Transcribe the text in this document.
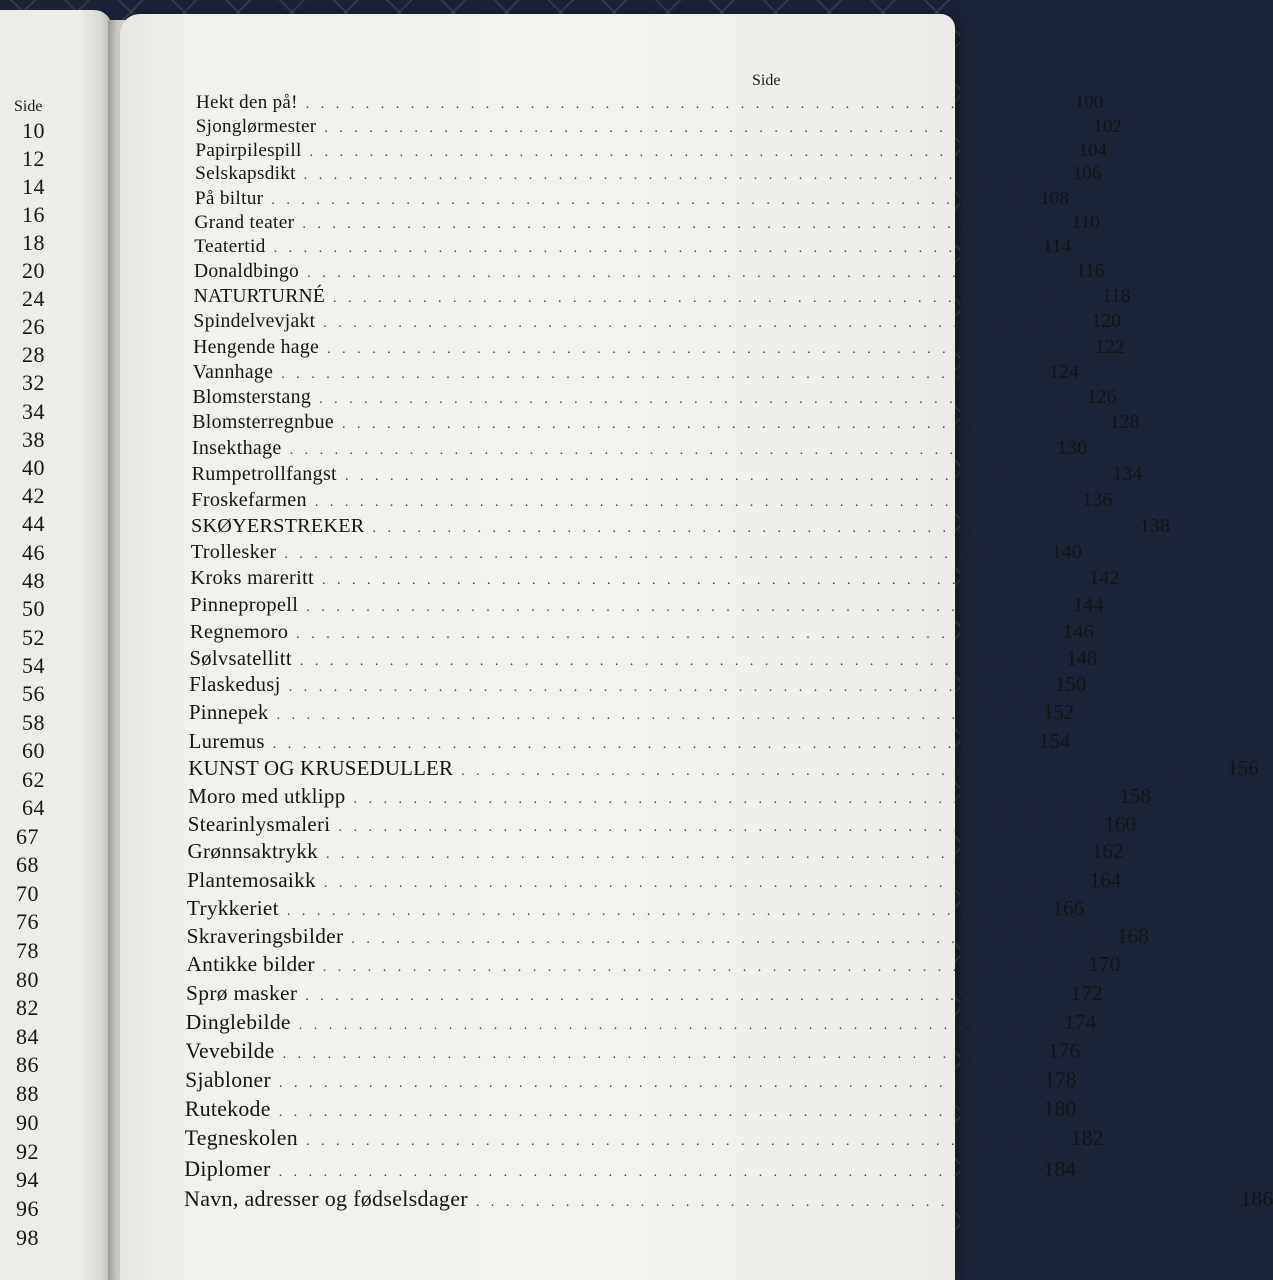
Side
10
12
14
16
18
20
24
26
28
32
34
38
40
42
44
46
48
50
52
54
56
58
60
62
64
67
68
70
76
78
80
82
84
86
88
90
92
94
96
98
Side
Hekt den på! . . . . . . . . . . . . . . . . . . . . . . . . . . . . . . . . . . . . . . . . . . . . . . . . . . . 100
Sjonglørmester . . . . . . . . . . . . . . . . . . . . . . . . . . . . . . . . . . . . . . . . . . . . . . . . . . . 102
Papirpilespill . . . . . . . . . . . . . . . . . . . . . . . . . . . . . . . . . . . . . . . . . . . . . . . . . . . 104
Selskapsdikt . . . . . . . . . . . . . . . . . . . . . . . . . . . . . . . . . . . . . . . . . . . . . . . . . . . 106
På biltur . . . . . . . . . . . . . . . . . . . . . . . . . . . . . . . . . . . . . . . . . . . . . . . . . . . 108
Grand teater . . . . . . . . . . . . . . . . . . . . . . . . . . . . . . . . . . . . . . . . . . . . . . . . . . . 110
Teatertid . . . . . . . . . . . . . . . . . . . . . . . . . . . . . . . . . . . . . . . . . . . . . . . . . . . 114
Donaldbingo . . . . . . . . . . . . . . . . . . . . . . . . . . . . . . . . . . . . . . . . . . . . . . . . . . . 116
NATURTURNÉ . . . . . . . . . . . . . . . . . . . . . . . . . . . . . . . . . . . . . . . . . . . . . . . . . . . 118
Spindelvevjakt . . . . . . . . . . . . . . . . . . . . . . . . . . . . . . . . . . . . . . . . . . . . . . . . . . . 120
Hengende hage . . . . . . . . . . . . . . . . . . . . . . . . . . . . . . . . . . . . . . . . . . . . . . . . . . . 122
Vannhage . . . . . . . . . . . . . . . . . . . . . . . . . . . . . . . . . . . . . . . . . . . . . . . . . . . 124
Blomsterstang . . . . . . . . . . . . . . . . . . . . . . . . . . . . . . . . . . . . . . . . . . . . . . . . . . . 126
Blomsterregnbue . . . . . . . . . . . . . . . . . . . . . . . . . . . . . . . . . . . . . . . . . . . . . . . . . . . 128
Insekthage . . . . . . . . . . . . . . . . . . . . . . . . . . . . . . . . . . . . . . . . . . . . . . . . . . . 130
Rumpetrollfangst . . . . . . . . . . . . . . . . . . . . . . . . . . . . . . . . . . . . . . . . . . . . . . . . . . . 134
Froskefarmen . . . . . . . . . . . . . . . . . . . . . . . . . . . . . . . . . . . . . . . . . . . . . . . . . . . 136
SKØYERSTREKER . . . . . . . . . . . . . . . . . . . . . . . . . . . . . . . . . . . . . . . . . . . . . . . . . . . 138
Trollesker . . . . . . . . . . . . . . . . . . . . . . . . . . . . . . . . . . . . . . . . . . . . . . . . . . . 140
Kroks mareritt . . . . . . . . . . . . . . . . . . . . . . . . . . . . . . . . . . . . . . . . . . . . . . . . . . . 142
Pinnepropell . . . . . . . . . . . . . . . . . . . . . . . . . . . . . . . . . . . . . . . . . . . . . . . . . . . 144
Regnemoro . . . . . . . . . . . . . . . . . . . . . . . . . . . . . . . . . . . . . . . . . . . . . . . . . . . 146
Sølvsatellitt . . . . . . . . . . . . . . . . . . . . . . . . . . . . . . . . . . . . . . . . . . . . . . . . . . . 148
Flaskedusj . . . . . . . . . . . . . . . . . . . . . . . . . . . . . . . . . . . . . . . . . . . . . . . . . . . 150
Pinnepek . . . . . . . . . . . . . . . . . . . . . . . . . . . . . . . . . . . . . . . . . . . . . . . . . . . 152
Luremus . . . . . . . . . . . . . . . . . . . . . . . . . . . . . . . . . . . . . . . . . . . . . . . . . . . 154
KUNST OG KRUSEDULLER . . . . . . . . . . . . . . . . . . . . . . . . . . . . . . . . . . . . . . . . . . . . . . . . . . . 156
Moro med utklipp . . . . . . . . . . . . . . . . . . . . . . . . . . . . . . . . . . . . . . . . . . . . . . . . . . . 158
Stearinlysmaleri . . . . . . . . . . . . . . . . . . . . . . . . . . . . . . . . . . . . . . . . . . . . . . . . . . . 160
Grønnsaktrykk . . . . . . . . . . . . . . . . . . . . . . . . . . . . . . . . . . . . . . . . . . . . . . . . . . . 162
Plantemosaikk . . . . . . . . . . . . . . . . . . . . . . . . . . . . . . . . . . . . . . . . . . . . . . . . . . . 164
Trykkeriet . . . . . . . . . . . . . . . . . . . . . . . . . . . . . . . . . . . . . . . . . . . . . . . . . . . 166
Skraveringsbilder . . . . . . . . . . . . . . . . . . . . . . . . . . . . . . . . . . . . . . . . . . . . . . . . . . . 168
Antikke bilder . . . . . . . . . . . . . . . . . . . . . . . . . . . . . . . . . . . . . . . . . . . . . . . . . . . 170
Sprø masker . . . . . . . . . . . . . . . . . . . . . . . . . . . . . . . . . . . . . . . . . . . . . . . . . . . 172
Dinglebilde . . . . . . . . . . . . . . . . . . . . . . . . . . . . . . . . . . . . . . . . . . . . . . . . . . . 174
Vevebilde . . . . . . . . . . . . . . . . . . . . . . . . . . . . . . . . . . . . . . . . . . . . . . . . . . . 176
Sjabloner . . . . . . . . . . . . . . . . . . . . . . . . . . . . . . . . . . . . . . . . . . . . . . . . . . . 178
Rutekode . . . . . . . . . . . . . . . . . . . . . . . . . . . . . . . . . . . . . . . . . . . . . . . . . . . 180
Tegneskolen . . . . . . . . . . . . . . . . . . . . . . . . . . . . . . . . . . . . . . . . . . . . . . . . . . . 182
Diplomer . . . . . . . . . . . . . . . . . . . . . . . . . . . . . . . . . . . . . . . . . . . . . . . . . . . 184
Navn, adresser og fødselsdager . . . . . . . . . . . . . . . . . . . . . . . . . . . . . . . . . . . . . . . . . . . . . . . . . . . 186
